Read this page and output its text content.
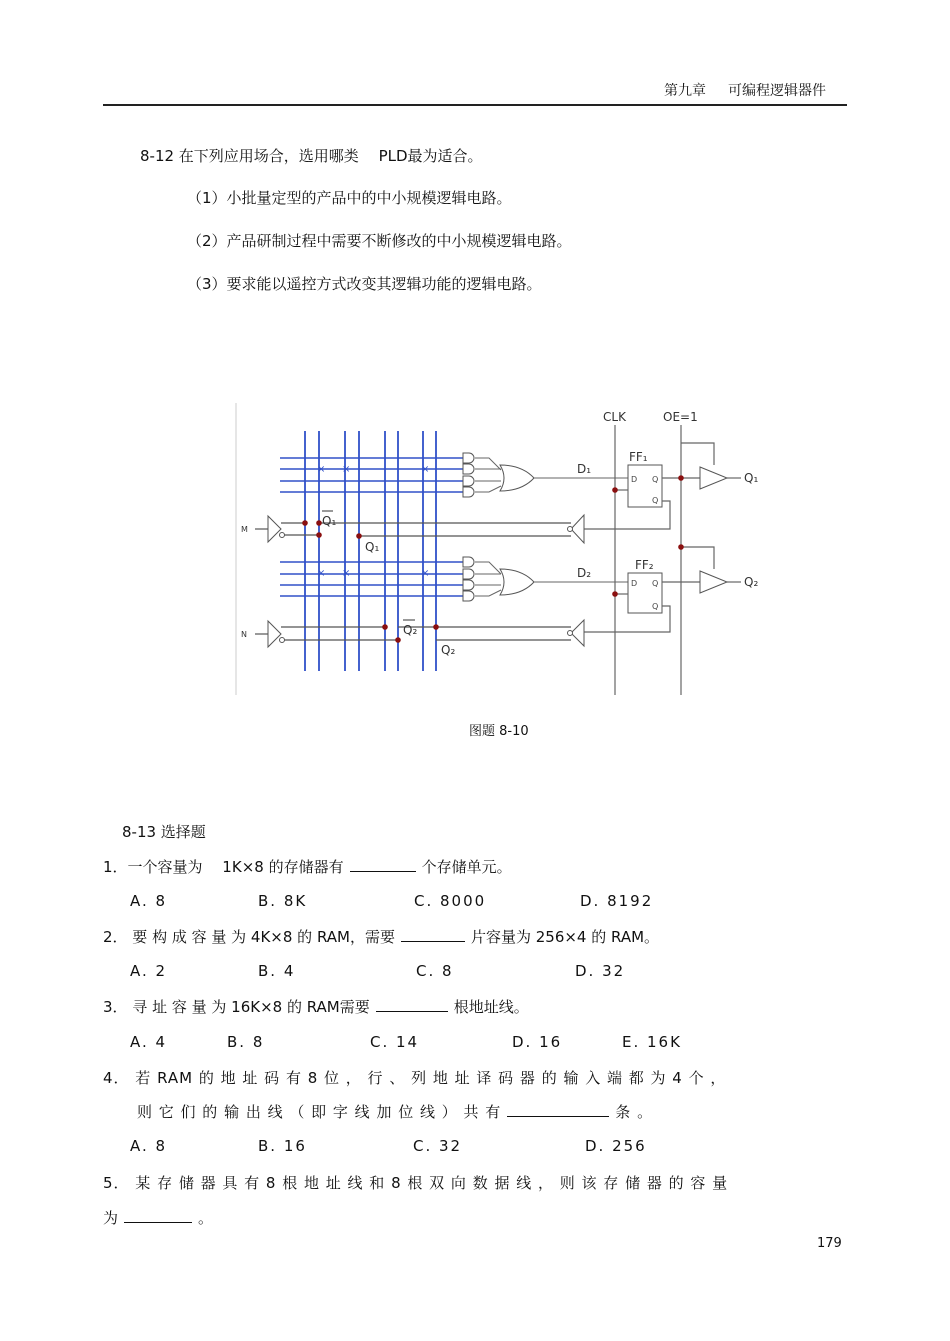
第九章 可编程逻辑器件
8-12 在下列应用场合，选用哪类 　PLD最为适合。
（1）小批量定型的产品中的中小规模逻辑电路。
（2）产品研制过程中需要不断修改的中小规模逻辑电路。
（3）要求能以遥控方式改变其逻辑功能的逻辑电路。
× ×	×
× ×	×
D Q
Q
D Q
Q
CLK	OE=1
D₁
D₂
FF₁
FF₂
Q₁
Q₂
Q₁
Q₁
Q₂
Q₂
M
N
图题 8-10
8-13 选择题
1．一个容量为 　1K×8 的存储器有	个存储单元。
A. 8	B. 8K	C. 8000	D. 8192
2． 要 构 成 容 量 为 4K×8 的 RAM，需要	片容量为 256×4 的 RAM。
A. 2	B. 4	C. 8	D. 32
3． 寻 址 容 量 为 16K×8 的 RAM需要	根地址线。
A. 4	B. 8	C. 14	D. 16	E. 16K
4． 若 RAM 的 地 址 码 有 8 位 ， 行 、 列 地 址 译 码 器 的 输 入 端 都 为 4 个 ，
则 它 们 的 输 出 线 （ 即 字 线 加 位 线 ） 共 有	条 。
A. 8	B. 16	C. 32	D. 256
5． 某 存 储 器 具 有 8 根 地 址 线 和 8 根 双 向 数 据 线 ， 则 该 存 储 器 的 容 量
为	。
179
